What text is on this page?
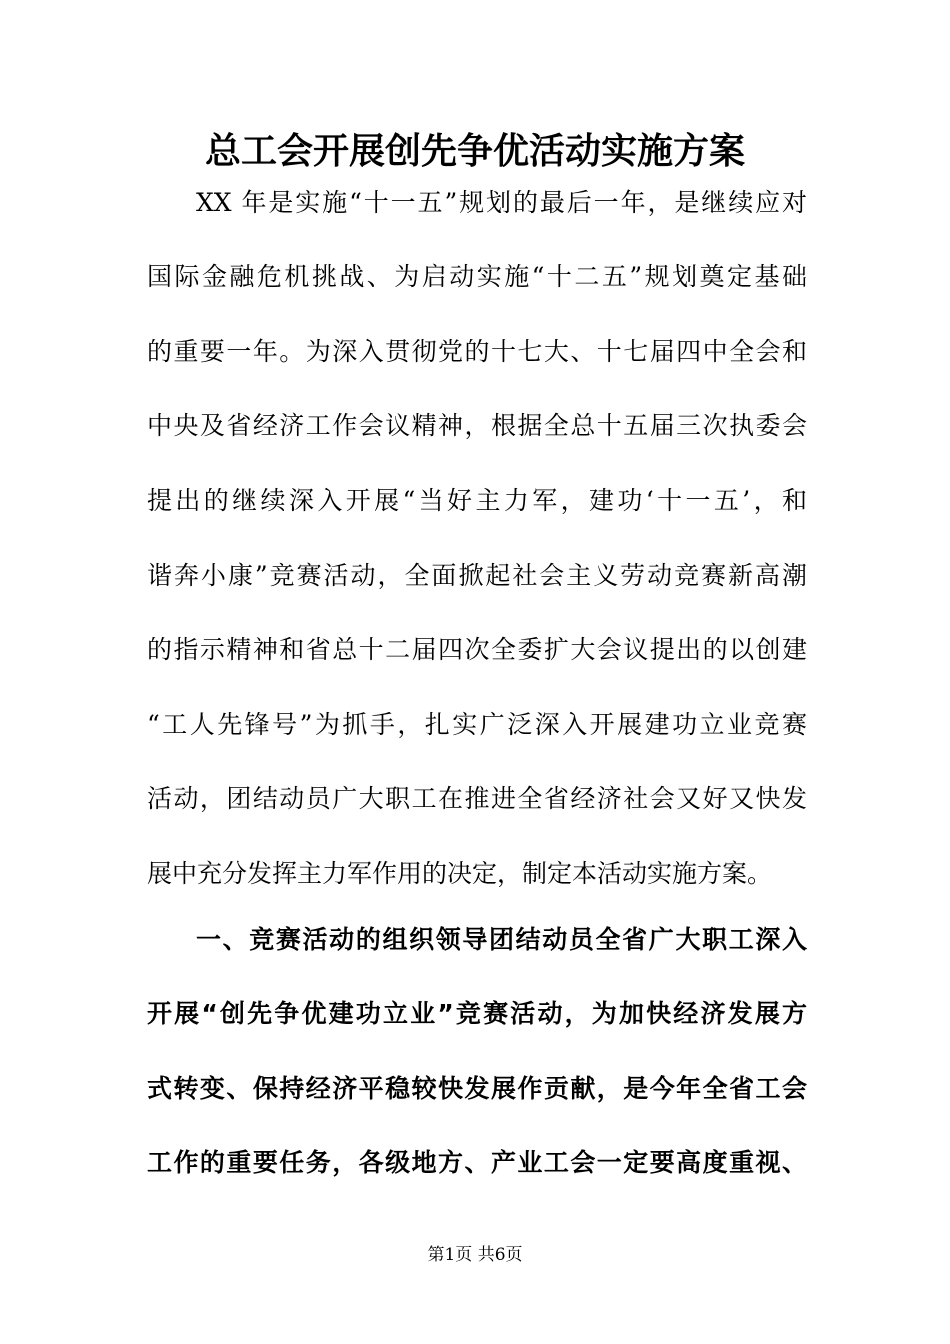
总工会开展创先争优活动实施方案
XX 年是实施“十一五”规划的最后一年，是继续应对
国际金融危机挑战、为启动实施“十二五”规划奠定基础
的重要一年。为深入贯彻党的十七大、十七届四中全会和
中央及省经济工作会议精神，根据全总十五届三次执委会
提出的继续深入开展“当好主力军，建功‘十一五’，和
谐奔小康”竞赛活动，全面掀起社会主义劳动竞赛新高潮
的指示精神和省总十二届四次全委扩大会议提出的以创建
“工人先锋号”为抓手，扎实广泛深入开展建功立业竞赛
活动，团结动员广大职工在推进全省经济社会又好又快发
展中充分发挥主力军作用的决定，制定本活动实施方案。
一、竞赛活动的组织领导团结动员全省广大职工深入
开展“创先争优建功立业”竞赛活动，为加快经济发展方
式转变、保持经济平稳较快发展作贡献，是今年全省工会
工作的重要任务，各级地方、产业工会一定要高度重视、
第1页 共6页
